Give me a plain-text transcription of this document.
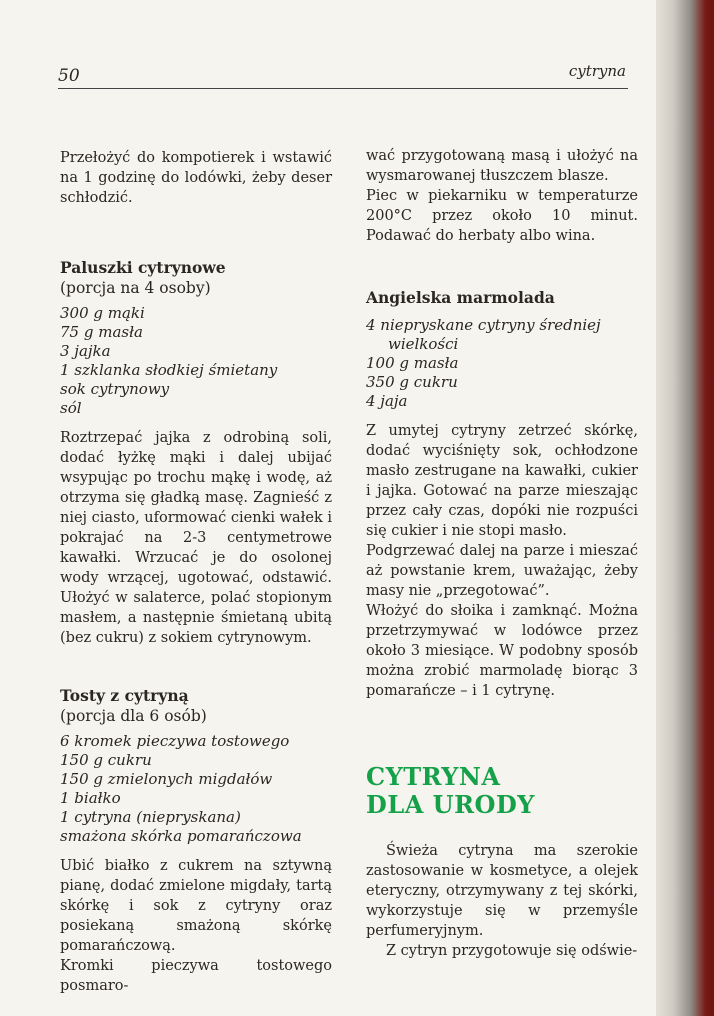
50	cytryna

Przełożyć do kompotierek i wstawić na 1 godzinę do lodówki, żeby deser schłodzić.

Paluszki cytrynowe
(porcja na 4 osoby)
300 g mąki
75 g masła
3 jajka
1 szklanka słodkiej śmietany
sok cytrynowy
sól

Roztrzepać jajka z odrobiną soli, dodać łyżkę mąki i dalej ubijać wsypując po trochu mąkę i wodę, aż otrzyma się gładką masę. Zagnieść z niej ciasto, uformować cienki wałek i pokrajać na 2-3 centymetrowe kawałki. Wrzucać je do osolonej wody wrzącej, ugotować, odstawić. Ułożyć w salaterce, polać stopionym masłem, a następnie śmietaną ubitą (bez cukru) z sokiem cytrynowym.

Tosty z cytryną
(porcja dla 6 osób)
6 kromek pieczywa tostowego
150 g cukru
150 g zmielonych migdałów
1 białko
1 cytryna (niepryskana)
smażona skórka pomarańczowa

Ubić białko z cukrem na sztywną pianę, dodać zmielone migdały, tartą skórkę i sok z cytryny oraz posiekaną smażoną skórkę pomarańczową.

Kromki pieczywa tostowego posmaro-

wać przygotowaną masą i ułożyć na wysmarowanej tłuszczem blasze.

Piec w piekarniku w temperaturze 200°C przez około 10 minut. Podawać do herbaty albo wina.

Angielska marmolada
4 niepryskane cytryny średniej
wielkości
100 g masła
350 g cukru
4 jaja

Z umytej cytryny zetrzeć skórkę, dodać wyciśnięty sok, ochłodzone masło zestrugane na kawałki, cukier i jajka. Gotować na parze mieszając przez cały czas, dopóki nie rozpuści się cukier i nie stopi masło.

Podgrzewać dalej na parze i mieszać aż powstanie krem, uważając, żeby masy nie „przegotować”.

Włożyć do słoika i zamknąć. Można przetrzymywać w lodówce przez około 3 miesiące. W podobny sposób można zrobić marmoladę biorąc 3 pomarańcze – i 1 cytrynę.

CYTRYNA
DLA URODY

Świeża cytryna ma szerokie zastosowanie w kosmetyce, a olejek eteryczny, otrzymywany z tej skórki, wykorzystuje się w przemyśle perfumeryjnym.

Z cytryn przygotowuje się odświe-
